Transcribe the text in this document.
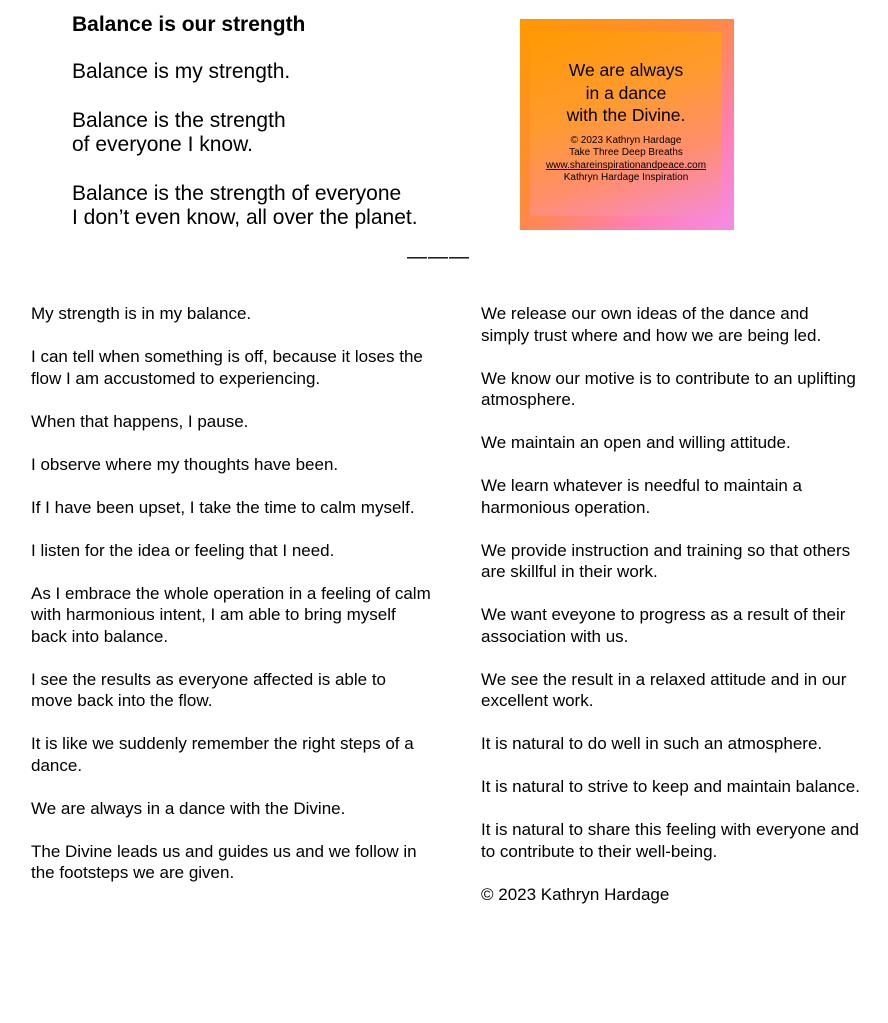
Balance is our strength

Balance is my strength.

Balance is the strength
of everyone I know.

Balance is the strength of everyone
I don’t even know, all over the planet.

We are always
in a dance
with the Divine.

© 2023 Kathryn Hardage
Take Three Deep Breaths
www.shareinspirationandpeace.com
Kathryn Hardage Inspiration
———

My strength is in my balance.

I can tell when something is off, because it loses the flow I am accustomed to experiencing.

When that happens, I pause.

I observe where my thoughts have been.

If I have been upset, I take the time to calm myself.

I listen for the idea or feeling that I need.

As I embrace the whole operation in a feeling of calm with harmonious intent, I am able to bring myself back into balance.

I see the results as everyone affected is able to move back into the flow.

It is like we suddenly remember the right steps of a dance.

We are always in a dance with the Divine.

The Divine leads us and guides us and we follow in the footsteps we are given.

We release our own ideas of the dance and simply trust where and how we are being led.

We know our motive is to contribute to an uplifting atmosphere.

We maintain an open and willing attitude.

We learn whatever is needful to maintain a harmonious operation.

We provide instruction and training so that others are skillful in their work.

We want eveyone to progress as a result of their association with us.

We see the result in a relaxed attitude and in our excellent work.

It is natural to do well in such an atmosphere.

It is natural to strive to keep and maintain balance.

It is natural to share this feeling with everyone and to contribute to their well-being.

© 2023 Kathryn Hardage
